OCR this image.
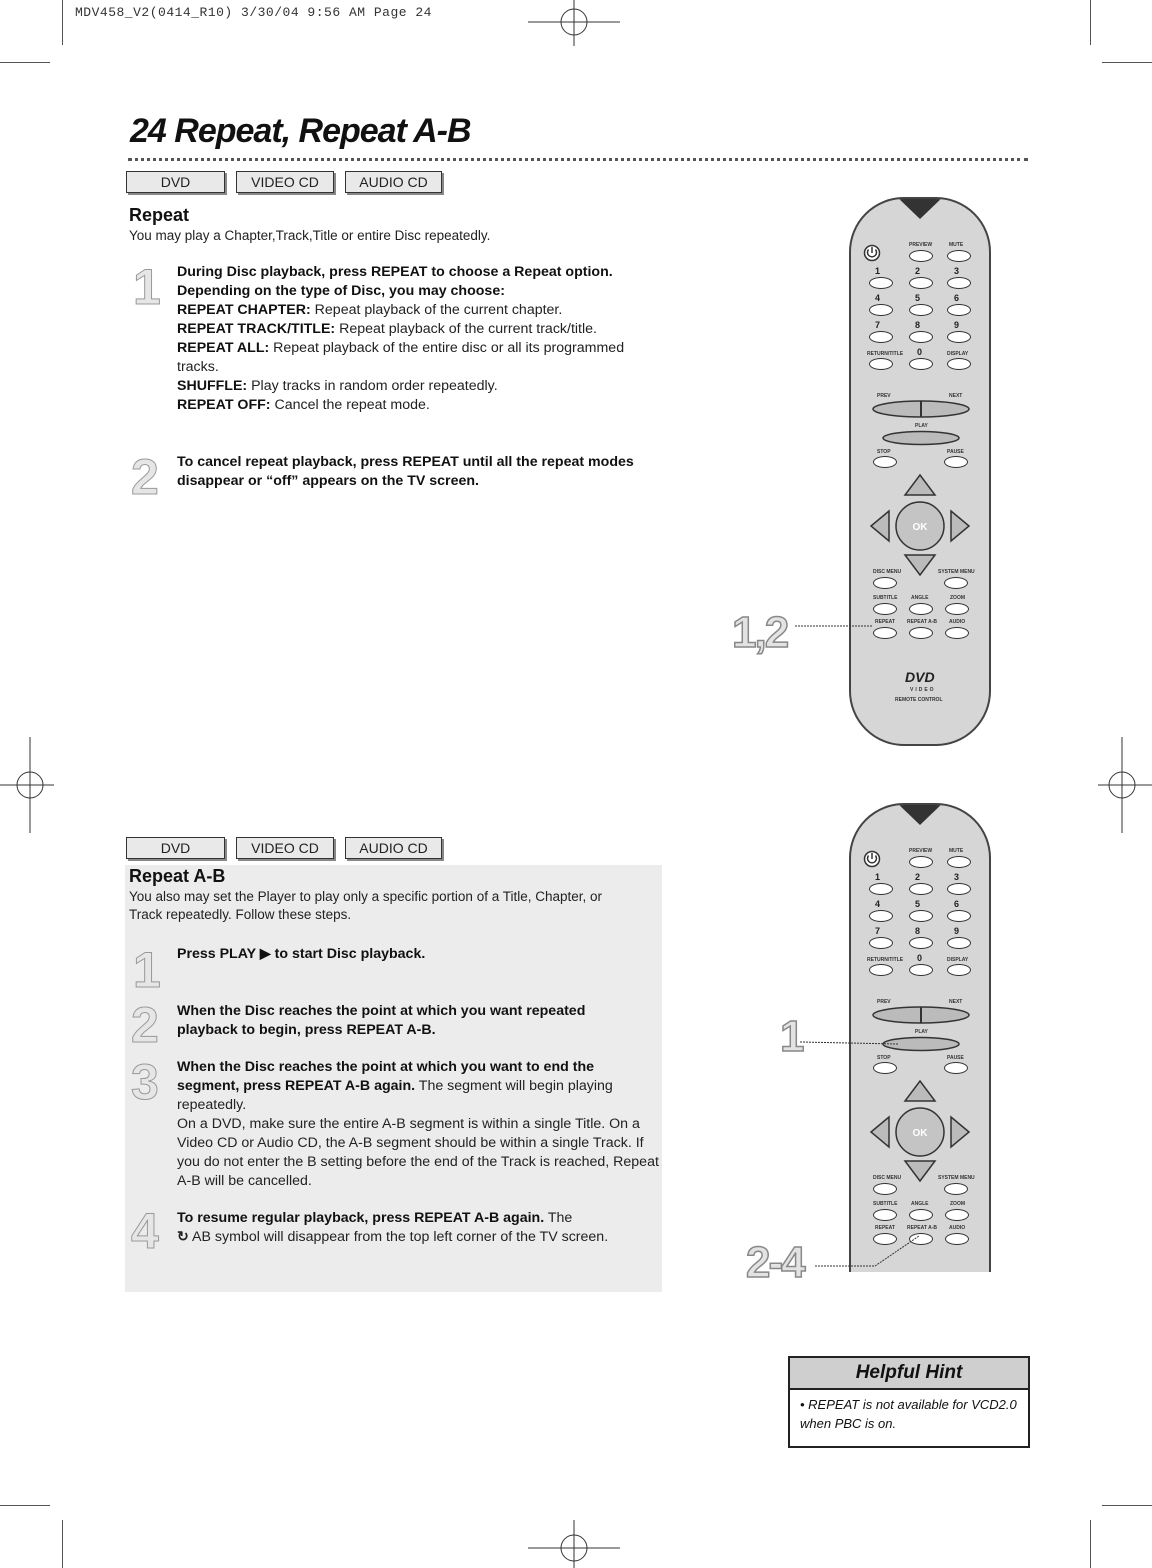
MDV458_V2(0414_R10) 3/30/04 9:56 AM Page 24
24 Repeat, Repeat A-B
DVD	VIDEO CD	AUDIO CD
Repeat
You may play a Chapter,Track,Title or entire Disc repeatedly.
1 During Disc playback, press REPEAT to choose a Repeat option. Depending on the type of Disc, you may choose:
REPEAT CHAPTER: Repeat playback of the current chapter.
REPEAT TRACK/TITLE: Repeat playback of the current track/title.
REPEAT ALL: Repeat playback of the entire disc or all its programmed tracks.
SHUFFLE: Play tracks in random order repeatedly.
REPEAT OFF: Cancel the repeat mode.
2 To cancel repeat playback, press REPEAT until all the repeat modes disappear or “off” appears on the TV screen.
DVD	VIDEO CD	AUDIO CD
Repeat A-B
You also may set the Player to play only a specific portion of a Title, Chapter, or Track repeatedly. Follow these steps.
1 Press PLAY ▶ to start Disc playback.
2 When the Disc reaches the point at which you want repeated playback to begin, press REPEAT A-B.
3 When the Disc reaches the point at which you want to end the segment, press REPEAT A-B again. The segment will begin playing repeatedly.
On a DVD, make sure the entire A-B segment is within a single Title. On a Video CD or Audio CD, the A-B segment should be within a single Track. If you do not enter the B setting before the end of the Track is reached, Repeat A-B will be cancelled.
4 To resume regular playback, press REPEAT A-B again. The
↻ AB symbol will disappear from the top left corner of the TV screen.
PREVIEW	MUTE
1	2	3
4	5	6
7	8	9
RETURN/TITLE 0	DISPLAY
PREV	NEXT
PLAY
STOP	PAUSE
OK
DISC MENU	SYSTEM MENU
SUBTITLE	ANGLE	ZOOM
REPEAT REPEAT A-B AUDIO
DVD
VIDEO
REMOTE CONTROL
PREVIEW	MUTE
1	2	3
4	5	6
7	8	9
RETURN/TITLE 0	DISPLAY
PREV	NEXT
PLAY
STOP	PAUSE
OK
DISC MENU	SYSTEM MENU
SUBTITLE	ANGLE	ZOOM
REPEAT REPEAT A-B AUDIO
1,2
1
2-4
Helpful Hint
• REPEAT is not available for VCD2.0 when PBC is on.
